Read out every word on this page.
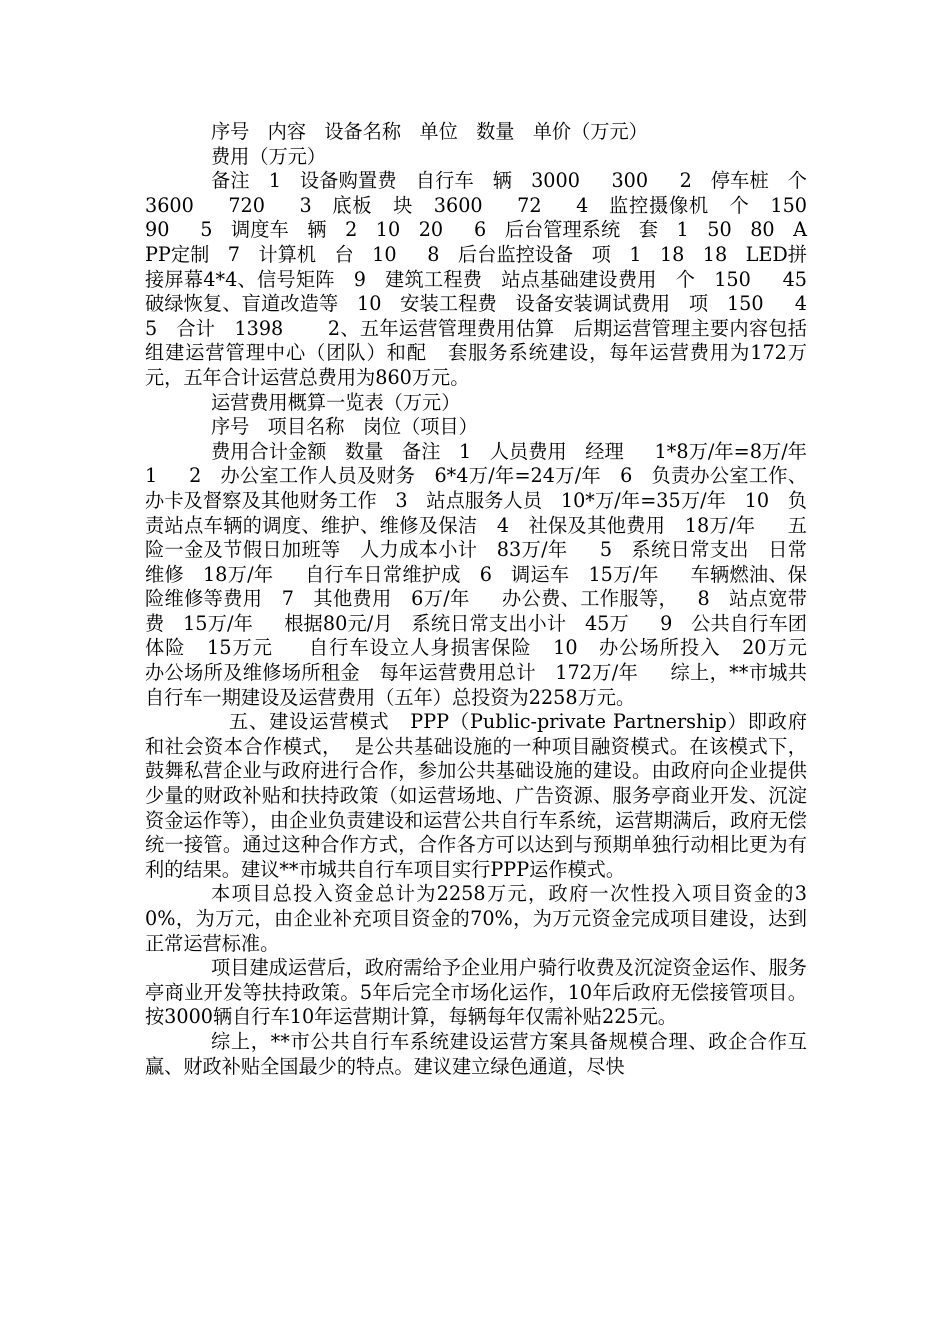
序号   内容   设备名称   单位   数量   单价（万元）

费用（万元）

备注   1   设备购置费   自行车   辆   3000     300     2   停车桩   个   3600     720     3   底板   块   3600     72     4   监控摄像机   个   150     90     5   调度车   辆   2   10   20     6   后台管理系统   套   1   50   80   APP定制   7   计算机   台   10     8   后台监控设备   项   1   18   18   LED拼接屏幕4*4、信号矩阵   9   建筑工程费   站点基础建设费用   个   150     45   破绿恢复、盲道改造等   10   安装工程费   设备安装调试费用   项   150     45   合计   1398       2、五年运营管理费用估算   后期运营管理主要内容包括组建运营管理中心（团队）和配   套服务系统建设，每年运营费用为172万元，五年合计运营总费用为860万元。

运营费用概算一览表（万元）

序号   项目名称   岗位（项目）

费用合计金额   数量   备注   1   人员费用   经理     1*8万/年=8万/年   1     2   办公室工作人员及财务   6*4万/年=24万/年   6   负责办公室工作、办卡及督察及其他财务工作   3   站点服务人员   10*万/年=35万/年   10   负责站点车辆的调度、维护、维修及保洁   4   社保及其他费用   18万/年     五险一金及节假日加班等   人力成本小计   83万/年     5   系统日常支出   日常维修   18万/年     自行车日常维护成   6   调运车   15万/年     车辆燃油、保险维修等费用   7   其他费用   6万/年     办公费、工作服等，   8   站点宽带费   15万/年     根据80元/月   系统日常支出小计   45万     9   公共自行车团体险   15万元     自行车设立人身损害保险   10   办公场所投入   20万元     办公场所及维修场所租金   每年运营费用总计   172万/年     综上，**市城共自行车一期建设及运营费用（五年）总投资为2258万元。

五、建设运营模式   PPP（Public-private Partnership）即政府和社会资本合作模式，  是公共基础设施的一种项目融资模式。在该模式下，鼓舞私营企业与政府进行合作，参加公共基础设施的建设。由政府向企业提供少量的财政补贴和扶持政策（如运营场地、广告资源、服务亭商业开发、沉淀资金运作等），由企业负责建设和运营公共自行车系统，运营期满后，政府无偿统一接管。通过这种合作方式，合作各方可以达到与预期单独行动相比更为有利的结果。建议**市城共自行车项目实行PPP运作模式。

本项目总投入资金总计为2258万元，政府一次性投入项目资金的30%，为万元，由企业补充项目资金的70%，为万元资金完成项目建设，达到正常运营标准。

项目建成运营后，政府需给予企业用户骑行收费及沉淀资金运作、服务亭商业开发等扶持政策。5年后完全市场化运作，10年后政府无偿接管项目。按3000辆自行车10年运营期计算，每辆每年仅需补贴225元。

综上，**市公共自行车系统建设运营方案具备规模合理、政企合作互赢、财政补贴全国最少的特点。建议建立绿色通道，尽快
